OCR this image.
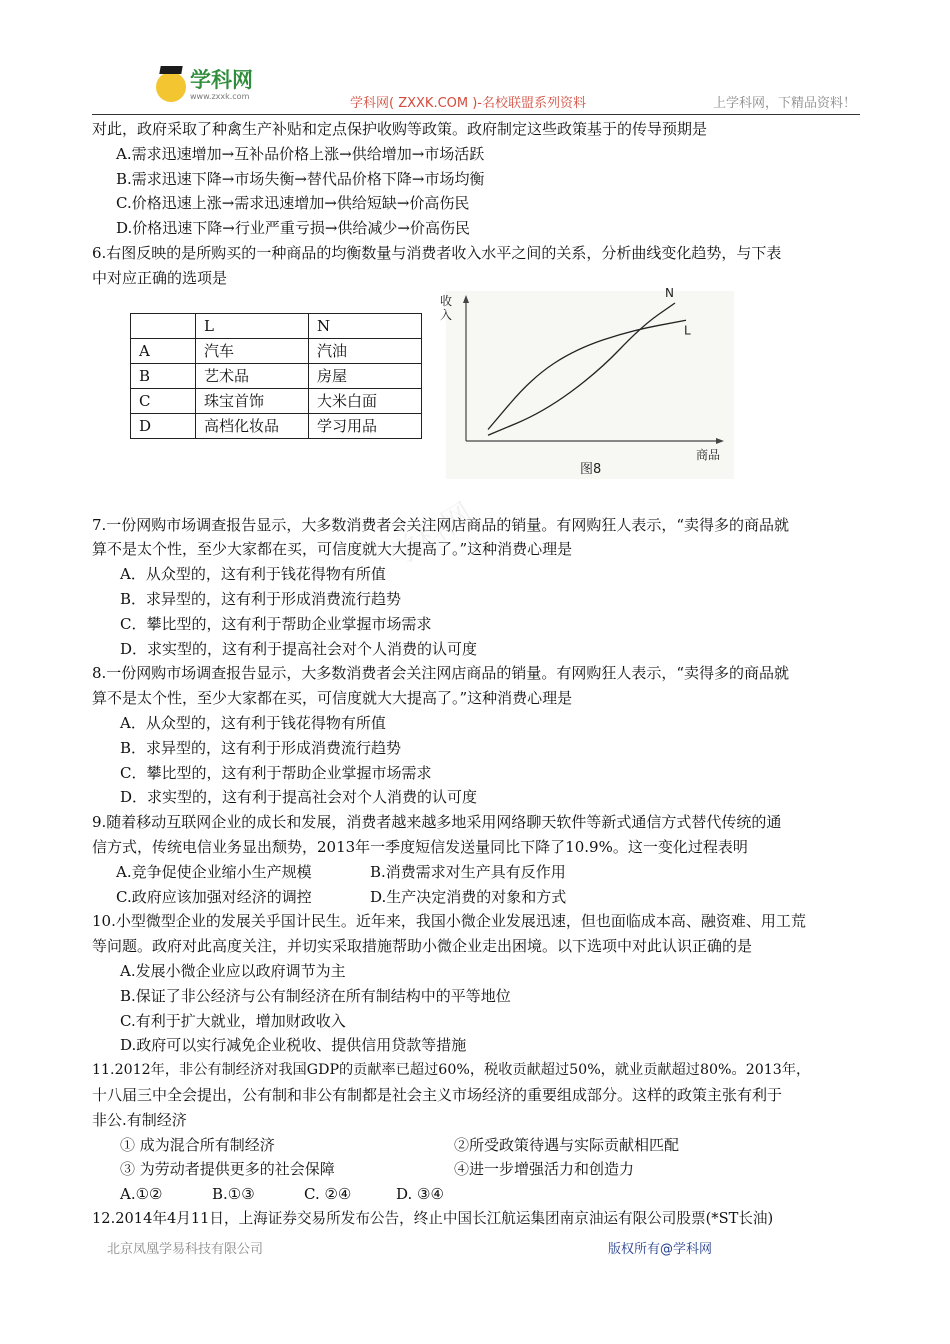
学科网
www.zxxk.com	学科网( ZXXK.COM )-名校联盟系列资料	上学科网，下精品资料！
学科网
对此，政府采取了种禽生产补贴和定点保护收购等政策。政府制定这些政策基于的传导预期是
A.需求迅速增加→互补品价格上涨→供给增加→市场活跃
B.需求迅速下降→市场失衡→替代品价格下降→市场均衡
C.价格迅速上涨→需求迅速增加→供给短缺→价高伤民
D.价格迅速下降→行业严重亏损→供给减少→价高伤民
6.右图反映的是所购买的一种商品的均衡数量与消费者收入水平之间的关系，分析曲线变化趋势，与下表
中对应正确的选项是
	L	N
A	汽车	汽油
B	艺术品	房屋
C	珠宝首饰	大米白面
D	高档化妆品	学习用品
收入
商品
图8
N
L
7.一份网购市场调查报告显示，大多数消费者会关注网店商品的销量。有网购狂人表示，“卖得多的商品就
算不是太个性，至少大家都在买，可信度就大大提高了。”这种消费心理是
A．从众型的，这有利于钱花得物有所值
B．求异型的，这有利于形成消费流行趋势
C．攀比型的，这有利于帮助企业掌握市场需求
D．求实型的，这有利于提高社会对个人消费的认可度
8.一份网购市场调查报告显示，大多数消费者会关注网店商品的销量。有网购狂人表示，“卖得多的商品就
算不是太个性，至少大家都在买，可信度就大大提高了。”这种消费心理是
A．从众型的，这有利于钱花得物有所值
B．求异型的，这有利于形成消费流行趋势
C．攀比型的，这有利于帮助企业掌握市场需求
D．求实型的，这有利于提高社会对个人消费的认可度
9.随着移动互联网企业的成长和发展，消费者越来越多地采用网络聊天软件等新式通信方式替代传统的通
信方式，传统电信业务显出颓势，2013年一季度短信发送量同比下降了10.9%。这一变化过程表明
A.竞争促使企业缩小生产规模	B.消费需求对生产具有反作用
C.政府应该加强对经济的调控	D.生产决定消费的对象和方式
10.小型微型企业的发展关乎国计民生。近年来，我国小微企业发展迅速，但也面临成本高、融资难、用工荒
等问题。政府对此高度关注，并切实采取措施帮助小微企业走出困境。以下选项中对此认识正确的是
A.发展小微企业应以政府调节为主
B.保证了非公经济与公有制经济在所有制结构中的平等地位
C.有利于扩大就业，增加财政收入
D.政府可以实行减免企业税收、提供信用贷款等措施
11.2012年，非公有制经济对我国GDP的贡献率已超过60%，税收贡献超过50%，就业贡献超过80%。2013年，
十八届三中全会提出，公有制和非公有制都是社会主义市场经济的重要组成部分。这样的政策主张有利于
非公.有制经济
① 成为混合所有制经济	②所受政策待遇与实际贡献相匹配
③ 为劳动者提供更多的社会保障	④进一步增强活力和创造力
A.①②	B.①③	C. ②④	D. ③④
12.2014年4月11日，上海证券交易所发布公告，终止中国长江航运集团南京油运有限公司股票(*ST长油)
北京凤凰学易科技有限公司	版权所有@学科网
